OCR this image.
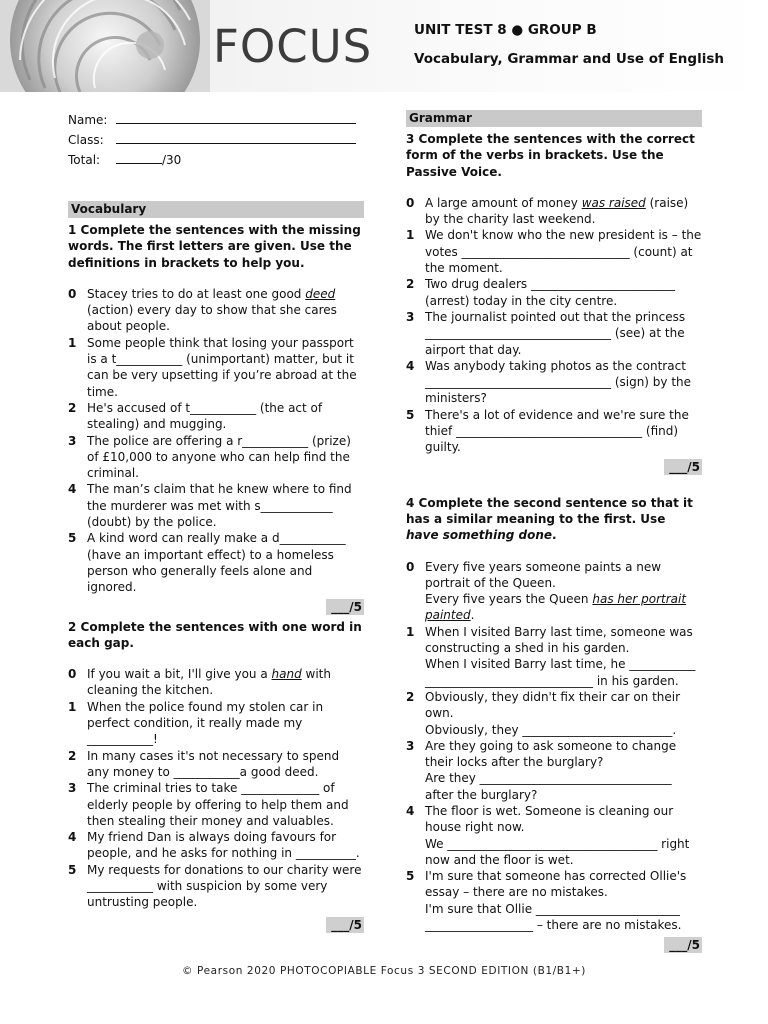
FOCUS	UNIT TEST 8 ● GROUP B
Vocabulary, Grammar and Use of English
Name:
Class:
Total:	/30
Vocabulary
1 Complete the sentences with the missing words. The first letters are given. Use the definitions in brackets to help you.
0 Stacey tries to do at least one good deed (action) every day to show that she cares about people.
1 Some people think that losing your passport is a t___________ (unimportant) matter, but it can be very upsetting if you’re abroad at the time.
2 He's accused of t___________ (the act of stealing) and mugging.
3 The police are offering a r___________ (prize) of £10,000 to anyone who can help find the criminal.
4 The man’s claim that he knew where to find the murderer was met with s____________ (doubt) by the police.
5 A kind word can really make a d___________ (have an important effect) to a homeless person who generally feels alone and ignored.
___/5
2 Complete the sentences with one word in each gap.
0 If you wait a bit, I'll give you a hand with cleaning the kitchen.
1 When the police found my stolen car in perfect condition, it really made my ___________!
2 In many cases it's not necessary to spend any money to ___________a good deed.
3 The criminal tries to take _____________ of elderly people by offering to help them and then stealing their money and valuables.
4 My friend Dan is always doing favours for people, and he asks for nothing in __________.
5 My requests for donations to our charity were ___________ with suspicion by some very untrusting people.
___/5
Grammar
3 Complete the sentences with the correct form of the verbs in brackets. Use the Passive Voice.
0 A large amount of money was raised (raise) by the charity last weekend.
1 We don't know who the new president is – the votes ____________________________ (count) at the moment.
2 Two drug dealers ________________________ (arrest) today in the city centre.
3 The journalist pointed out that the princess _______________________________ (see) at the airport that day.
4 Was anybody taking photos as the contract _______________________________ (sign) by the ministers?
5 There's a lot of evidence and we're sure the thief _______________________________ (find) guilty.
___/5
4 Complete the second sentence so that it has a similar meaning to the first. Use have something done.
0 Every five years someone paints a new portrait of the Queen.
Every five years the Queen has her portrait painted.
1 When I visited Barry last time, someone was constructing a shed in his garden.
When I visited Barry last time, he ___________ ____________________________ in his garden.
2 Obviously, they didn't fix their car on their own.
Obviously, they _________________________.
3 Are they going to ask someone to change their locks after the burglary?
Are they ________________________________ after the burglary?
4 The floor is wet. Someone is cleaning our house right now.
We ___________________________________ right now and the floor is wet.
5 I'm sure that someone has corrected Ollie's essay – there are no mistakes.
I'm sure that Ollie ________________________ __________________ – there are no mistakes.
___/5
© Pearson 2020 PHOTOCOPIABLE Focus 3 SECOND EDITION (B1/B1+)
